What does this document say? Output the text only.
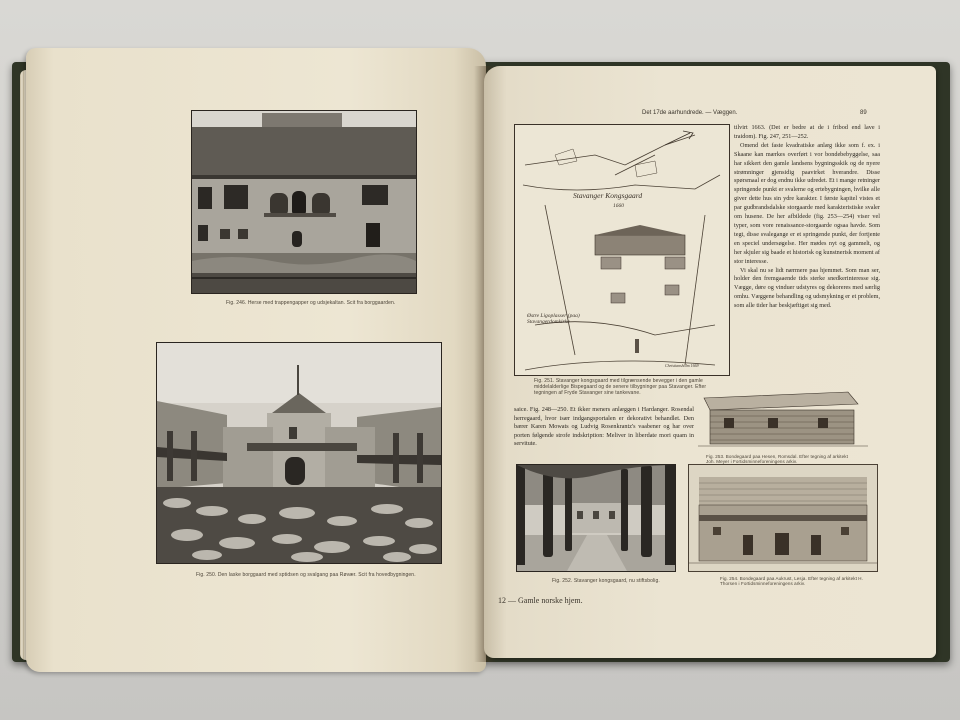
Fig. 246. Herse med trappengapper og udsjekaltan. Scit fra borggaarden.
Fig. 250. Den laske borggaard med sptidsen og svalgang paa Røvær. Scit fra hovedbygningen.
Det 17de aarhundrede. — Væggen.	89
Stavanger Kongsgaard
1660
Østre Ligoplasser (paa) Stavangerdomkirke
Christiansholm 1669
Fig. 251. Stavanger kongsgaard med tilgrænsende bevegger i den gamle middelalderlige Bispegaard og de senere tilbygninger paa Stavanger. Efter tegningen af Fryde Stavanger sine tankevane.

tilvirt 1663. (Det er bedre at de i fribod end lave i traidom). Fig. 247, 251—252.

Omend det faste kvadratiske anlæg ikke som f. ex. i Skaane kan mærkes overført i vor bondebebyggelse, saa har sikkert den gamle landsens bygningsskik og de nyere strømninger gjensidig paavirket hverandre. Disse spørsmaal er dog endnu ikke udredet. Et i mange retninger springende punkt er svalerne og ertebygningen, hvilke alle giver dette hus sin ydre karakter. I første kapitel vistes et par gudbrandsdalske storgaarde med karakteristiske svaler om husene. De her afbildede (fig. 253—254) viser vel typer, som vore renaissance-storgaarde ogsaa havde. Som tegt, disse svalegange er et springende punkt, der fortjente en speciel undersøgelse. Her mødes nyt og gammelt, og her skjuler sig baade et historisk og kunstnerisk moment af stor interesse.

Vi skal nu se lidt nærmere paa hjemmet. Som man ser, holder den fremgaaende tids sterke snedkerinteresse sig. Vægge, døre og vinduer udstyres og dekoreres med særlig omhu. Væggene behandling og udsmykning er et problem, som alle tider har beskjæftiget sig med.

Fig. 253. Bondegaard paa Hesen, Romsdal. Efter tegning af arkitekt Joh. Meyer i Fortidsminneforeningens arkiv.

saice. Fig. 248—250. Et ikker meners anlæggen i Hardanger. Rosendal herregaard, hvor især indgangsportalen er dekorativt behandlet. Den bærer Karen Mowats og Ludvig Rosenkrantz's vaabener og har over porten følgende strofe indskription: Meliver in liberdate mori quam in servitute.

Fig. 252. Stavanger kongsgaard, nu stiftsbolig.	Fig. 254. Bondegaard paa Aukrust, Lesja. Efter tegning af arkitekt H. Thorsen i Fortidsminneforeningens arkiv.
12 — Gamle norske hjem.
